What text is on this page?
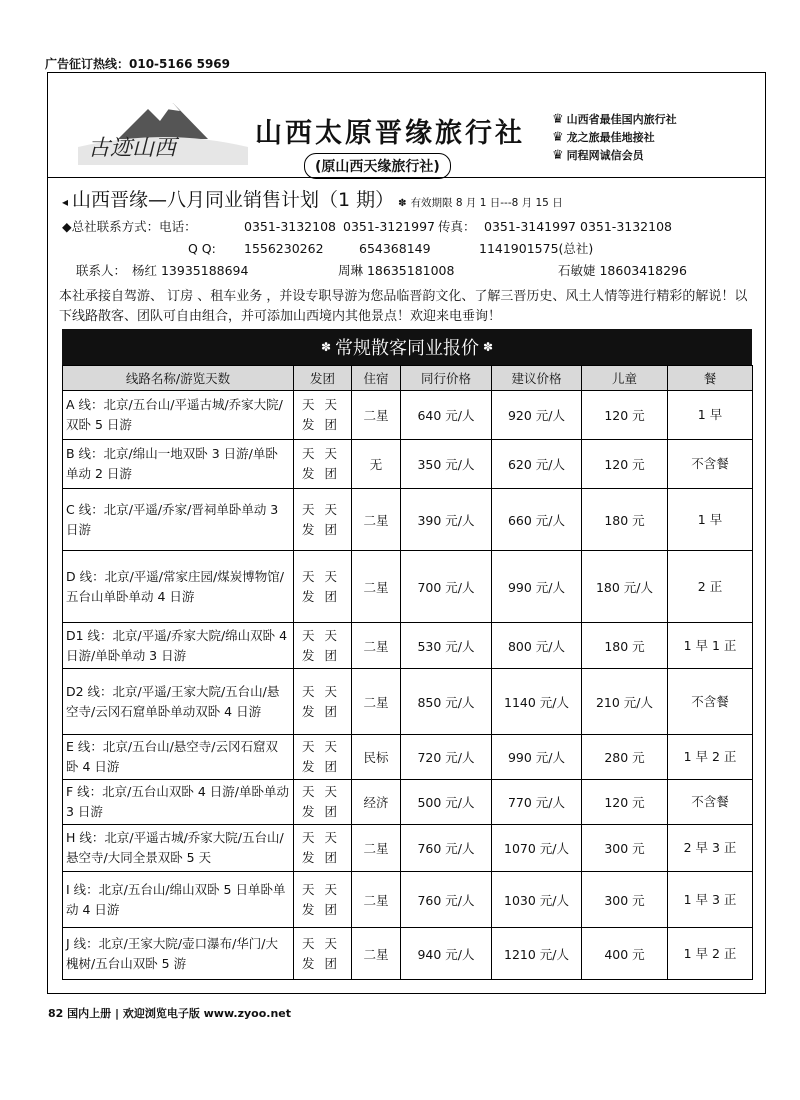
广告征订热线：010-5166 5969
古迹山西	山西太原晋缘旅行社
(原山西天缘旅行社)
♛ 山西省最佳国内旅行社
♛ 龙之旅最佳地接社
♛ 同程网诚信会员
◂ 山西晋缘—八月同业销售计划（1 期） ✽ 有效期限 8 月 1 日---8 月 15 日
◆总社联系方式：电话：	0351-3132108 0351-3121997 传真： 0351-3141997 0351-3132108
Q Q: 1556230262	654368149	1141901575(总社)
联系人： 杨红 13935188694	周琳 18635181008	石敏婕 18603418296
本社承接自驾游、 订房 、租车业务 ，并设专职导游为您品临晋韵文化、了解三晋历史、风土人情等进行精彩的解说！以下线路散客、团队可自由组合，并可添加山西境内其他景点！欢迎来电垂询！
✽ 常规散客同业报价 ✽
线路名称/游览天数	发团	住宿	同行价格	建议价格	儿童	餐
A 线：北京/五台山/平遥古城/乔家大院/双卧 5 日游	天天发团	二星	640 元/人	920 元/人	120 元	1 早
B 线：北京/绵山一地双卧 3 日游/单卧单动 2 日游	天天发团	无	350 元/人	620 元/人	120 元	不含餐
C 线：北京/平遥/乔家/晋祠单卧单动 3 日游	天天发团	二星	390 元/人	660 元/人	180 元	1 早
D 线：北京/平遥/常家庄园/煤炭博物馆/五台山单卧单动 4 日游	天天发团	二星	700 元/人	990 元/人	180 元/人	2 正
D1 线：北京/平遥/乔家大院/绵山双卧 4 日游/单卧单动 3 日游	天天发团	二星	530 元/人	800 元/人	180 元	1 早 1 正
D2 线：北京/平遥/王家大院/五台山/悬空寺/云冈石窟单卧单动双卧 4 日游	天天发团	二星	850 元/人	1140 元/人	210 元/人	不含餐
E 线：北京/五台山/悬空寺/云冈石窟双卧 4 日游	天天发团	民标	720 元/人	990 元/人	280 元	1 早 2 正
F 线：北京/五台山双卧 4 日游/单卧单动 3 日游	天天发团	经济	500 元/人	770 元/人	120 元	不含餐
H 线：北京/平遥古城/乔家大院/五台山/悬空寺/大同全景双卧 5 天	天天发团	二星	760 元/人	1070 元/人	300 元	2 早 3 正
I 线：北京/五台山/绵山双卧 5 日单卧单动 4 日游	天天发团	二星	760 元/人	1030 元/人	300 元	1 早 3 正
J 线：北京/王家大院/壶口瀑布/华门/大槐树/五台山双卧 5 游	天天发团	二星	940 元/人	1210 元/人	400 元	1 早 2 正
82 国内上册 | 欢迎浏览电子版 www.zyoo.net
